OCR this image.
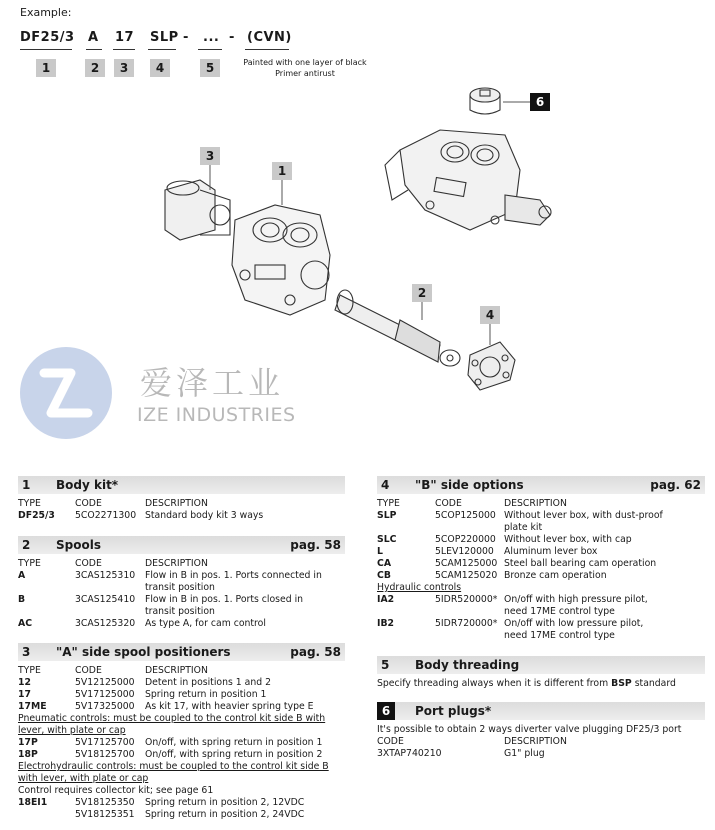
Example:
DF25/3 A 17 SLP - ... - (CVN)
1	2	3	4	5	Painted with one layer of black Primer antirust
3
1
2
4
6
爱泽工业
IZE INDUSTRIES
1 Body kit*
TYPE	CODE	DESCRIPTION
DF25/3 5CO2271300 Standard body kit 3 ways
2 Spools	pag. 58
TYPE	CODE	DESCRIPTION
A	3CAS125310 Flow in B in pos. 1. Ports connected in
transit position
B	3CAS125410 Flow in B in pos. 1. Ports closed in
transit position
AC	3CAS125320 As type A, for cam control
3 "A" side spool positioners	pag. 58
TYPE	CODE	DESCRIPTION
12	5V12125000 Detent in positions 1 and 2
17	5V17125000 Spring return in position 1
17ME	5V17325000 As kit 17, with heavier spring type E
Pneumatic controls: must be coupled to the control kit side B with
lever, with plate or cap
17P	5V17125700 On/off, with spring return in position 1
18P	5V18125700 On/off, with spring return in position 2
Electrohydraulic controls: must be coupled to the control kit side B
with lever, with plate or cap
Control requires collector kit; see page 61
18EI1	5V18125350 Spring return in position 2, 12VDC
5V18125351 Spring return in position 2, 24VDC
4 "B" side options	pag. 62
TYPE	CODE	DESCRIPTION
SLP	5COP125000 Without lever box, with dust-proof
plate kit
SLC	5COP220000 Without lever box, with cap
L	5LEV120000 Aluminum lever box
CA	5CAM125000 Steel ball bearing cam operation
CB	5CAM125020 Bronze cam operation
Hydraulic controls
IA2	5IDR520000* On/off with high pressure pilot,
need 17ME control type
IB2	5IDR720000* On/off with low pressure pilot,
need 17ME control type
5 Body threading
Specify threading always when it is different from BSP standard
6	Port plugs*
It's possible to obtain 2 ways diverter valve plugging DF25/3 port
CODE	DESCRIPTION
3XTAP740210	G1" plug
